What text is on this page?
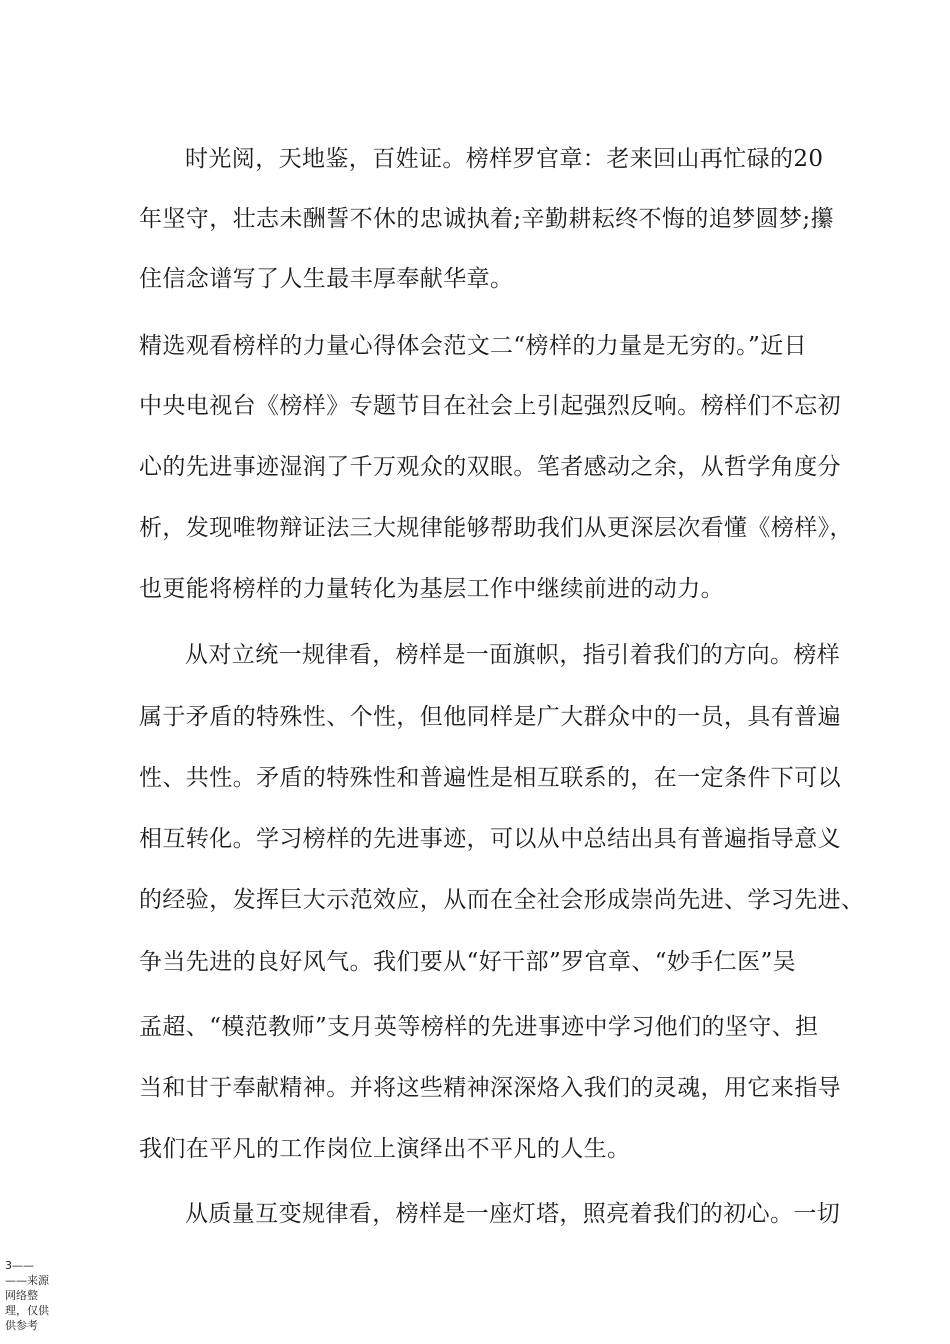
时光阅，天地鉴，百姓证。榜样罗官章：老来回山再忙碌的20
年坚守，壮志未酬誓不休的忠诚执着;辛勤耕耘终不悔的追梦圆梦;攥
住信念谱写了人生最丰厚奉献华章。
精选观看榜样的力量心得体会范文二“榜样的力量是无穷的。”近日
中央电视台《榜样》专题节目在社会上引起强烈反响。榜样们不忘初
心的先进事迹湿润了千万观众的双眼。笔者感动之余，从哲学角度分
析，发现唯物辩证法三大规律能够帮助我们从更深层次看懂《榜样》，
也更能将榜样的力量转化为基层工作中继续前进的动力。
从对立统一规律看，榜样是一面旗帜，指引着我们的方向。榜样
属于矛盾的特殊性、个性，但他同样是广大群众中的一员，具有普遍
性、共性。矛盾的特殊性和普遍性是相互联系的，在一定条件下可以
相互转化。学习榜样的先进事迹，可以从中总结出具有普遍指导意义
的经验，发挥巨大示范效应，从而在全社会形成崇尚先进、学习先进、
争当先进的良好风气。我们要从“好干部”罗官章、“妙手仁医”吴
孟超、“模范教师”支月英等榜样的先进事迹中学习他们的坚守、担
当和甘于奉献精神。并将这些精神深深烙入我们的灵魂，用它来指导
我们在平凡的工作岗位上演绎出不平凡的人生。
从质量互变规律看，榜样是一座灯塔，照亮着我们的初心。一切
3——
——来源网络整理，仅供供参考
